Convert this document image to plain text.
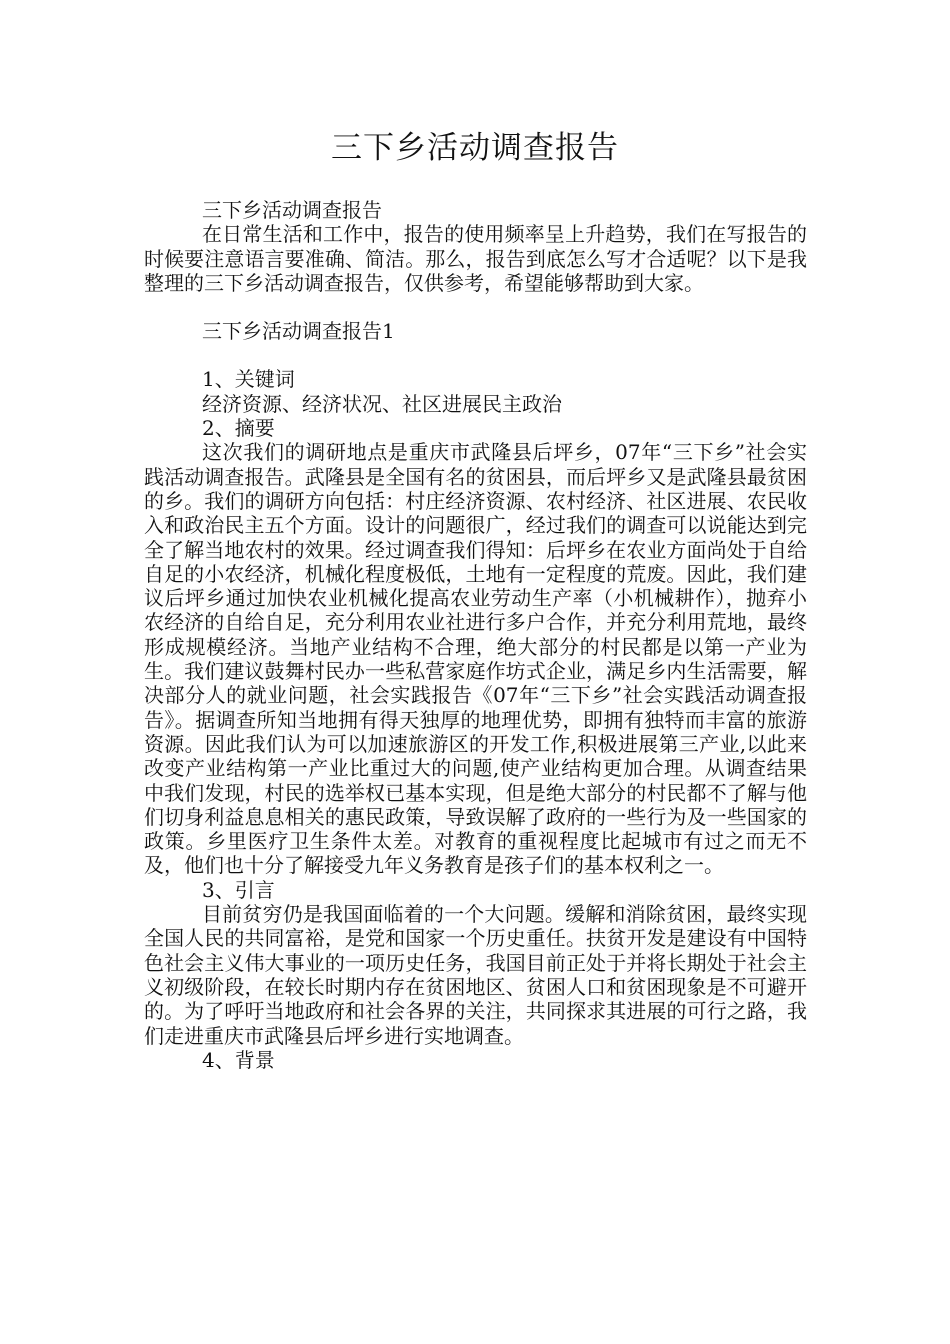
三下乡活动调查报告

三下乡活动调查报告

在日常生活和工作中，报告的使用频率呈上升趋势，我们在写报告的时候要注意语言要准确、简洁。那么，报告到底怎么写才合适呢？以下是我整理的三下乡活动调查报告，仅供参考，希望能够帮助到大家。

三下乡活动调查报告1

1、关键词

经济资源、经济状况、社区进展民主政治

2、摘要

这次我们的调研地点是重庆市武隆县后坪乡，07年“三下乡”社会实践活动调查报告。武隆县是全国有名的贫困县，而后坪乡又是武隆县最贫困的乡。我们的调研方向包括：村庄经济资源、农村经济、社区进展、农民收入和政治民主五个方面。设计的问题很广，经过我们的调查可以说能达到完全了解当地农村的效果。经过调查我们得知：后坪乡在农业方面尚处于自给自足的小农经济，机械化程度极低，土地有一定程度的荒废。因此，我们建议后坪乡通过加快农业机械化提高农业劳动生产率（小机械耕作），抛弃小农经济的自给自足，充分利用农业社进行多户合作，并充分利用荒地，最终形成规模经济。当地产业结构不合理，绝大部分的村民都是以第一产业为生。我们建议鼓舞村民办一些私营家庭作坊式企业，满足乡内生活需要，解决部分人的就业问题，社会实践报告《07年“三下乡”社会实践活动调查报告》。据调查所知当地拥有得天独厚的地理优势，即拥有独特而丰富的旅游资源。因此我们认为可以加速旅游区的开发工作,积极进展第三产业,以此来改变产业结构第一产业比重过大的问题,使产业结构更加合理。从调查结果中我们发现，村民的选举权已基本实现，但是绝大部分的村民都不了解与他们切身利益息息相关的惠民政策，导致误解了政府的一些行为及一些国家的政策。乡里医疗卫生条件太差。对教育的重视程度比起城市有过之而无不及，他们也十分了解接受九年义务教育是孩子们的基本权利之一。

3、引言

目前贫穷仍是我国面临着的一个大问题。缓解和消除贫困，最终实现全国人民的共同富裕，是党和国家一个历史重任。扶贫开发是建设有中国特色社会主义伟大事业的一项历史任务，我国目前正处于并将长期处于社会主义初级阶段，在较长时期内存在贫困地区、贫困人口和贫困现象是不可避开的。为了呼吁当地政府和社会各界的关注，共同探求其进展的可行之路，我们走进重庆市武隆县后坪乡进行实地调查。

4、背景
